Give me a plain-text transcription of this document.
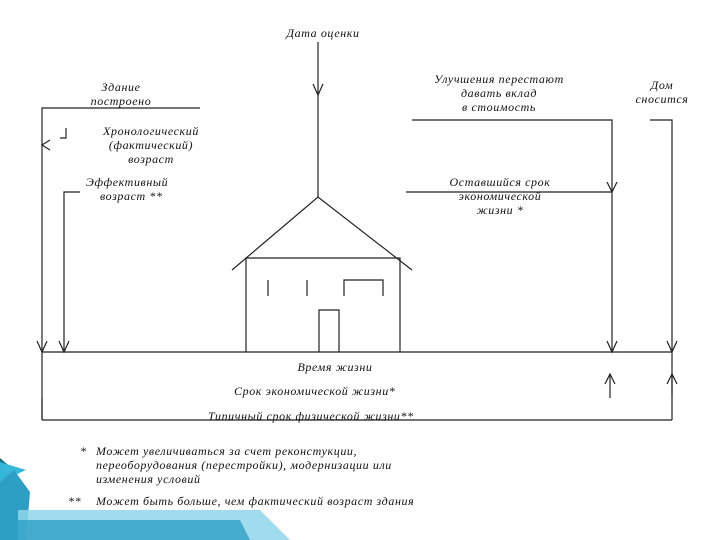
Дата оценки
Здание
построено
Улучшения перестают
давать вклад
в стоимость
Дом
сносится
Хронологический
(фактический)
возраст
Эффективный
возраст **
Оставшийся срок
экономической
жизни *
Время жизни
Срок экономической жизни*
Типичный срок физической жизни**
* Может увеличиваться за счет реконстукции,
переоборудования (перестройки), модернизации или
изменения условий
**	Может быть больше, чем фактический возраст здания
